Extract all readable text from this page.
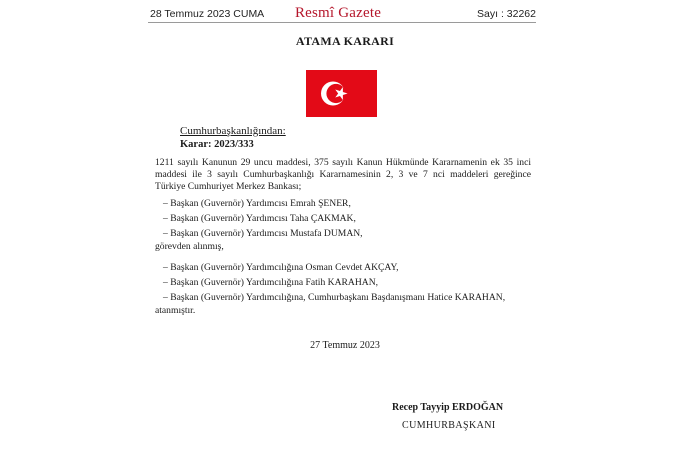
28 Temmuz 2023 CUMA	Resmî Gazete	Sayı : 32262
ATAMA KARARI
Cumhurbaşkanlığından:
Karar: 2023/333
1211 sayılı Kanunun 29 uncu maddesi, 375 sayılı Kanun Hükmünde Kararnamenin ek 35 inci
maddesi ile 3 sayılı Cumhurbaşkanlığı Kararnamesinin 2, 3 ve 7 nci maddeleri gereğince
Türkiye Cumhuriyet Merkez Bankası;
– Başkan (Guvernör) Yardımcısı Emrah ŞENER,
– Başkan (Guvernör) Yardımcısı Taha ÇAKMAK,
– Başkan (Guvernör) Yardımcısı Mustafa DUMAN,
görevden alınmış,
– Başkan (Guvernör) Yardımcılığına Osman Cevdet AKÇAY,
– Başkan (Guvernör) Yardımcılığına Fatih KARAHAN,
– Başkan (Guvernör) Yardımcılığına, Cumhurbaşkanı Başdanışmanı Hatice KARAHAN,
atanmıştır.
27 Temmuz 2023
Recep Tayyip ERDOĞAN
CUMHURBAŞKANI
